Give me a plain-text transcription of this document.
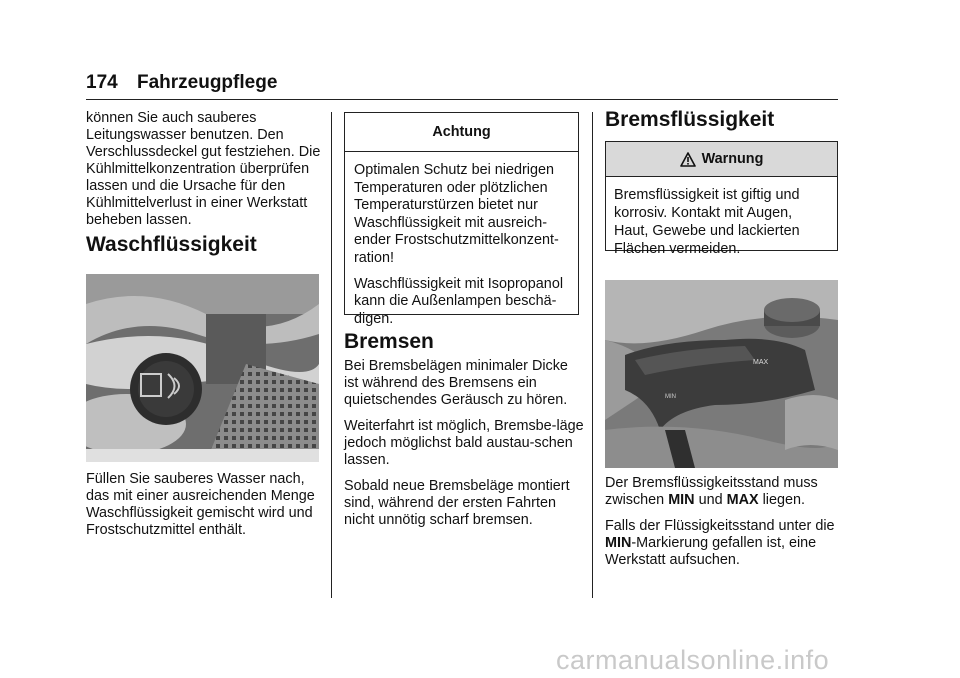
174 Fahrzeugpflege

können Sie auch sauberes Leitungswasser benutzen. Den Verschlussdeckel gut festziehen. Die Kühlmittelkonzentration überprüfen lassen und die Ursache für den Kühlmittelverlust in einer Werkstatt beheben lassen.

Waschflüssigkeit

Füllen Sie sauberes Wasser nach, das mit einer ausreichenden Menge Waschflüssigkeit gemischt wird und Frostschutzmittel enthält.

Achtung

Optimalen Schutz bei niedrigen Temperaturen oder plötzlichen Temperaturstürzen bietet nur Waschflüssigkeit mit ausreich-ender Frostschutzmittelkonzent-ration!

Waschflüssigkeit mit Isopropanol kann die Außenlampen beschä-digen.

Bremsen

Bei Bremsbelägen minimaler Dicke ist während des Bremsens ein quietschendes Geräusch zu hören.

Weiterfahrt ist möglich, Bremsbe-läge jedoch möglichst bald austau-schen lassen.

Sobald neue Bremsbeläge montiert sind, während der ersten Fahrten nicht unnötig scharf bremsen.

Bremsflüssigkeit
Warnung

Bremsflüssigkeit ist giftig und korrosiv. Kontakt mit Augen, Haut, Gewebe und lackierten Flächen vermeiden.

MAX
MIN

Der Bremsflüssigkeitsstand muss zwischen MIN und MAX liegen.

Falls der Flüssigkeitsstand unter die MIN-Markierung gefallen ist, eine Werkstatt aufsuchen.

carmanualsonline.info
